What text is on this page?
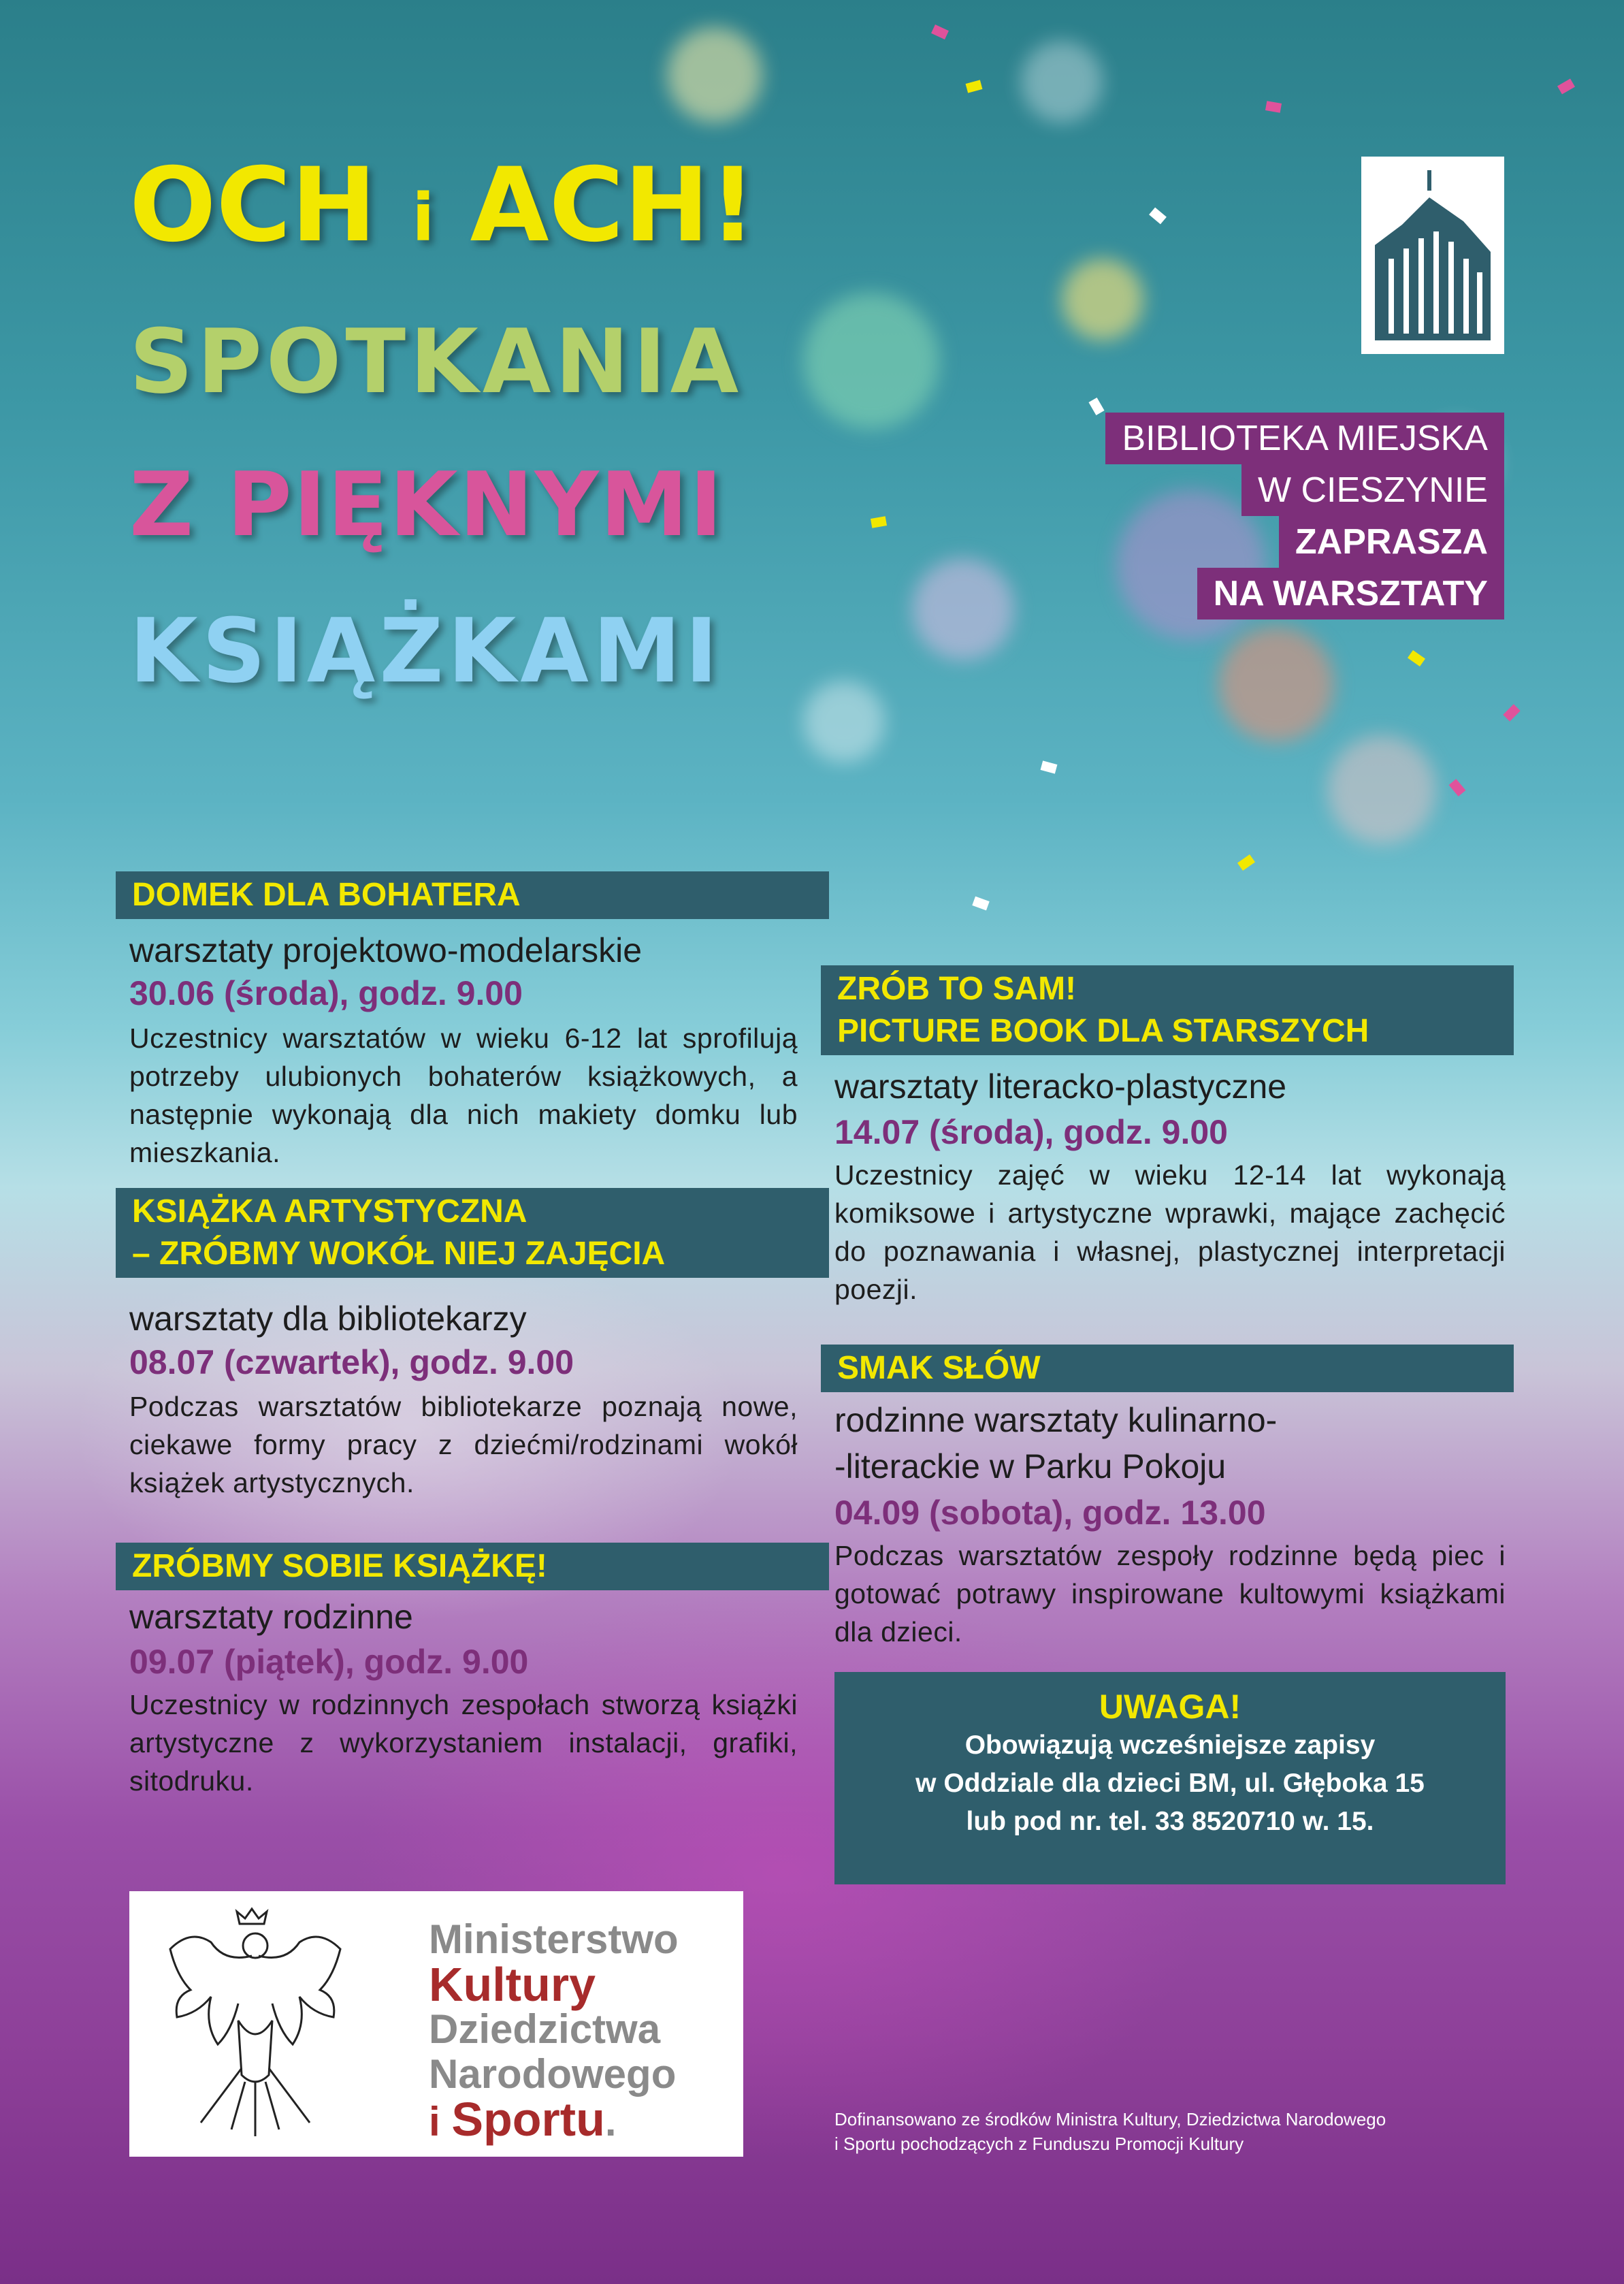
OCH i ACH!
SPOTKANIA
Z PIĘKNYMI
KSIĄŻKAMI
BIBLIOTEKA MIEJSKA
W CIESZYNIE
ZAPRASZA
NA WARSZTATY
DOMEK DLA BOHATERA
warsztaty projektowo-modelarskie
30.06 (środa), godz. 9.00
Uczestnicy warsztatów w wieku 6-12 lat sprofilują potrzeby ulubionych bohaterów książkowych, a następnie wykonają dla nich makiety domku lub mieszkania.
KSIĄŻKA ARTYSTYCZNA
– ZRÓBMY WOKÓŁ NIEJ ZAJĘCIA
warsztaty dla bibliotekarzy
08.07 (czwartek), godz. 9.00
Podczas warsztatów bibliotekarze poznają nowe, ciekawe formy pracy z dziećmi/rodzinami wokół książek artystycznych.
ZRÓBMY SOBIE KSIĄŻKĘ!
warsztaty rodzinne
09.07 (piątek), godz. 9.00
Uczestnicy w rodzinnych zespołach stworzą książki artystyczne z wykorzystaniem instalacji, grafiki, sitodruku.
ZRÓB TO SAM!
PICTURE BOOK DLA STARSZYCH
warsztaty literacko-plastyczne
14.07 (środa), godz. 9.00
Uczestnicy zajęć w wieku 12-14 lat wykonają komiksowe i artystyczne wprawki, mające zachęcić do poznawania i własnej, plastycznej interpretacji poezji.
SMAK SŁÓW
rodzinne warsztaty kulinarno-
-literackie w Parku Pokoju
04.09 (sobota), godz. 13.00
Podczas warsztatów zespoły rodzinne będą piec i gotować potrawy inspirowane kultowymi książkami dla dzieci.
UWAGA!
Obowiązują wcześniejsze zapisy
w Oddziale dla dzieci BM, ul. Głęboka 15
lub pod nr. tel. 33 8520710 w. 15.
Ministerstwo
Kultury
Dziedzictwa
Narodowego
i Sportu.	Dofinansowano ze środków Ministra Kultury, Dziedzictwa Narodowego
i Sportu pochodzących z Funduszu Promocji Kultury
